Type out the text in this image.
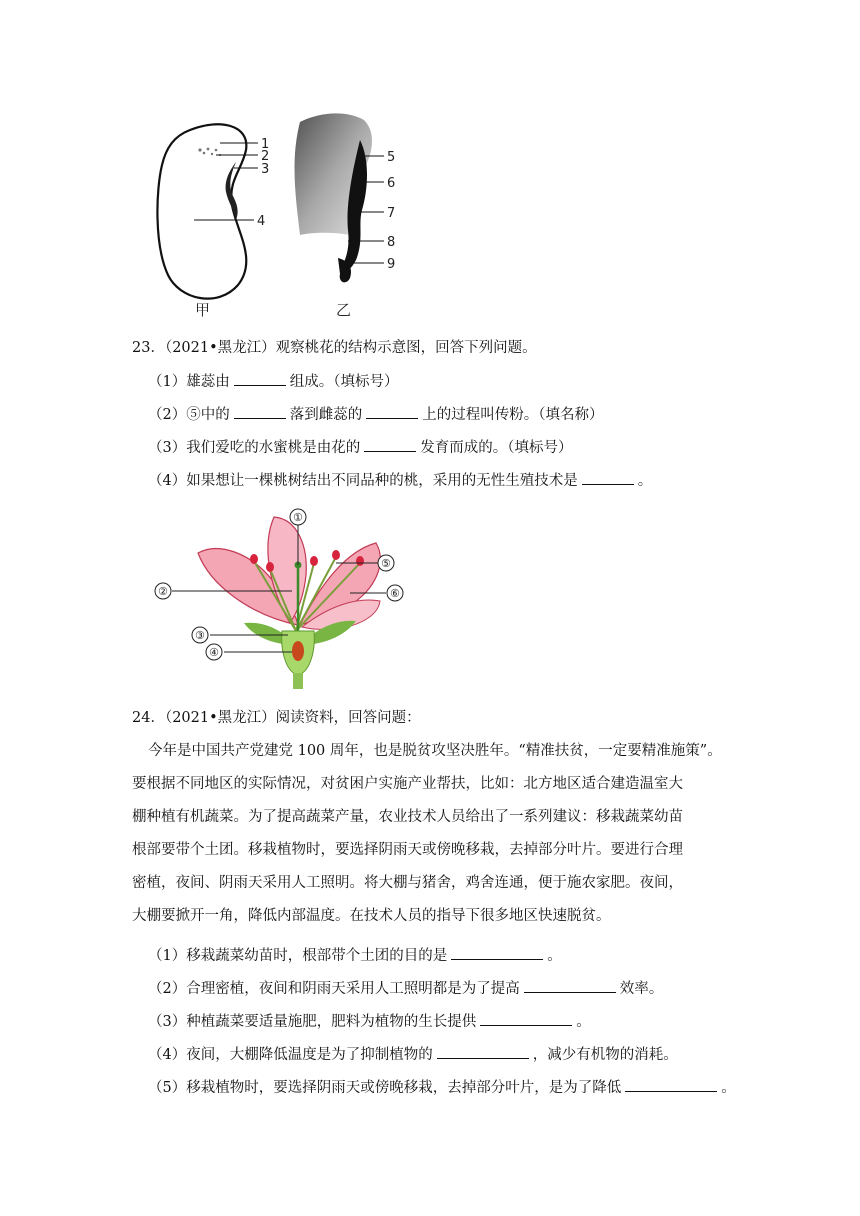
1
2
3
4
5
6
7
8
9
甲	乙
23．（2021•黑龙江）观察桃花的结构示意图，回答下列问题。
（1）雄蕊由	组成。（填标号）
（2）⑤中的	落到雌蕊的	上的过程叫传粉。（填名称）
（3）我们爱吃的水蜜桃是由花的	发育而成的。（填标号）
（4）如果想让一棵桃树结出不同品种的桃，采用的无性生殖技术是	。
①
②
③
④
⑤
⑥
24．（2021•黑龙江）阅读资料，回答问题：
今年是中国共产党建党 100 周年，也是脱贫攻坚决胜年。“精准扶贫，一定要精准施策”。
要根据不同地区的实际情况，对贫困户实施产业帮扶，比如：北方地区适合建造温室大
棚种植有机蔬菜。为了提高蔬菜产量，农业技术人员给出了一系列建议：移栽蔬菜幼苗
根部要带个土团。移栽植物时，要选择阴雨天或傍晚移栽，去掉部分叶片。要进行合理
密植，夜间、阴雨天采用人工照明。将大棚与猪舍，鸡舍连通，便于施农家肥。夜间，
大棚要掀开一角，降低内部温度。在技术人员的指导下很多地区快速脱贫。
（1）移栽蔬菜幼苗时，根部带个土团的目的是	。
（2）合理密植，夜间和阴雨天采用人工照明都是为了提高	效率。
（3）种植蔬菜要适量施肥，肥料为植物的生长提供	。
（4）夜间，大棚降低温度是为了抑制植物的	，减少有机物的消耗。
（5）移栽植物时，要选择阴雨天或傍晚移栽，去掉部分叶片，是为了降低	。
